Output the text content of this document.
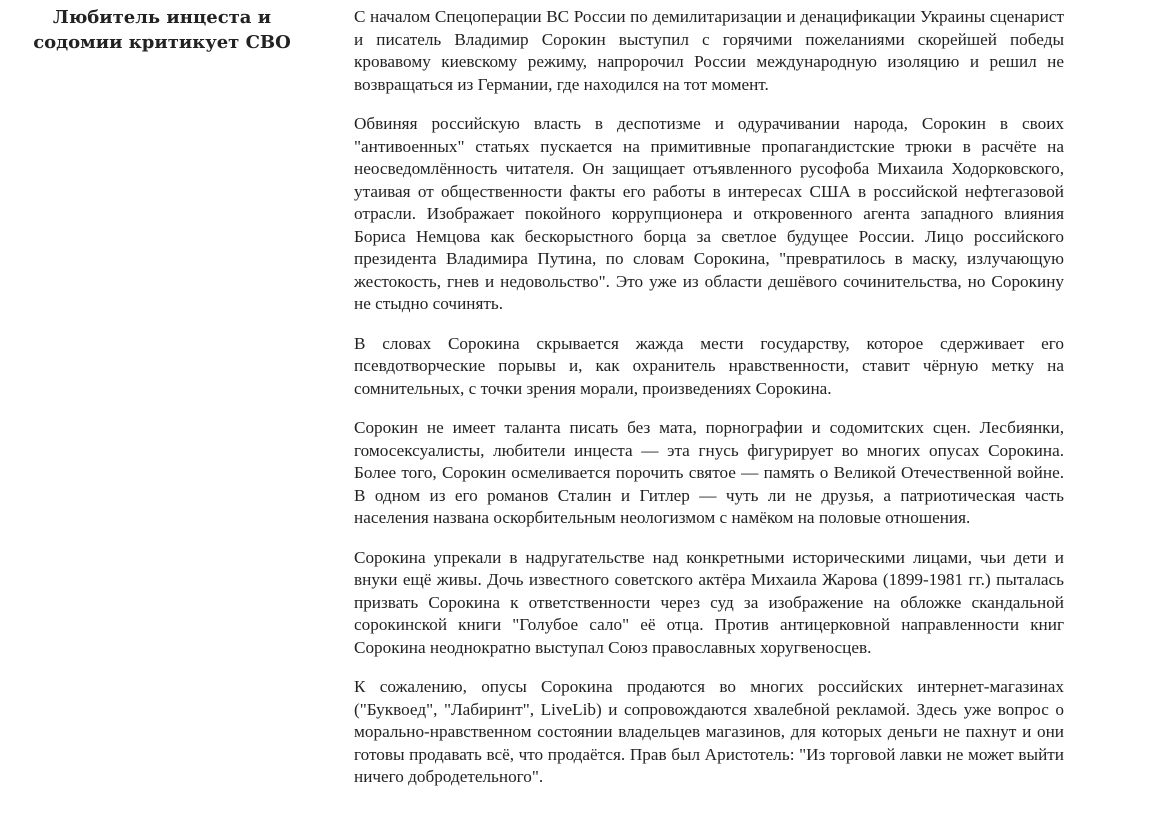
Любитель инцеста и содомии критикует СВО

С началом Спецоперации ВС России по демилитаризации и денацификации Украины сценарист и писатель Владимир Сорокин выступил с горячими пожеланиями скорейшей победы кровавому киевскому режиму, напророчил России международную изоляцию и решил не возвращаться из Германии, где находился на тот момент.

Обвиняя российскую власть в деспотизме и одурачивании народа, Сорокин в своих "антивоенных" статьях пускается на примитивные пропагандистские трюки в расчёте на неосведомлённость читателя. Он защищает отъявленного русофоба Михаила Ходорковского, утаивая от общественности факты его работы в интересах США в российской нефтегазовой отрасли. Изображает покойного коррупционера и откровенного агента западного влияния Бориса Немцова как бескорыстного борца за светлое будущее России. Лицо российского президента Владимира Путина, по словам Сорокина, "превратилось в маску, излучающую жестокость, гнев и недовольство". Это уже из области дешёвого сочинительства, но Сорокину не стыдно сочинять.

В словах Сорокина скрывается жажда мести государству, которое сдерживает его псевдотворческие порывы и, как охранитель нравственности, ставит чёрную метку на сомнительных, с точки зрения морали, произведениях Сорокина.

Сорокин не имеет таланта писать без мата, порнографии и содомитских сцен. Лесбиянки, гомосексуалисты, любители инцеста — эта гнусь фигурирует во многих опусах Сорокина. Более того, Сорокин осмеливается порочить святое — память о Великой Отечественной войне. В одном из его романов Сталин и Гитлер — чуть ли не друзья, а патриотическая часть населения названа оскорбительным неологизмом с намёком на половые отношения.

Сорокина упрекали в надругательстве над конкретными историческими лицами, чьи дети и внуки ещё живы. Дочь известного советского актёра Михаила Жарова (1899-1981 гг.) пыталась призвать Сорокина к ответственности через суд за изображение на обложке скандальной сорокинской книги "Голубое сало" её отца. Против антицерковной направленности книг Сорокина неоднократно выступал Союз православных хоругвеносцев.

К сожалению, опусы Сорокина продаются во многих российских интернет-магазинах ("Буквоед", "Лабиринт", LiveLib) и сопровождаются хвалебной рекламой. Здесь уже вопрос о морально-нравственном состоянии владельцев магазинов, для которых деньги не пахнут и они готовы продавать всё, что продаётся. Прав был Аристотель: "Из торговой лавки не может выйти ничего добродетельного".
